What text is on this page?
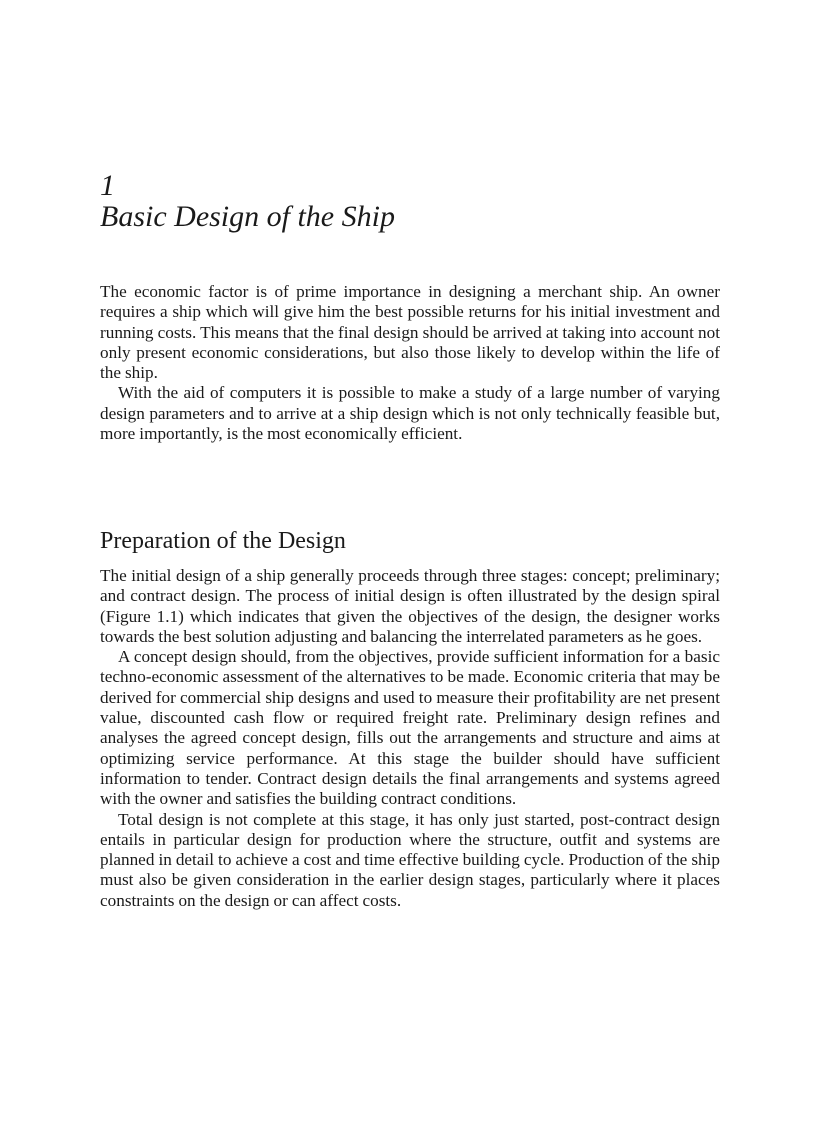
1
Basic Design of the Ship

The economic factor is of prime importance in designing a merchant ship. An owner requires a ship which will give him the best possible returns for his initial investment and running costs. This means that the final design should be arrived at taking into account not only present economic considerations, but also those likely to develop within the life of the ship.

With the aid of computers it is possible to make a study of a large number of varying design parameters and to arrive at a ship design which is not only technically feasible but, more importantly, is the most economically efficient.

Preparation of the Design

The initial design of a ship generally proceeds through three stages: concept; preliminary; and contract design. The process of initial design is often illustrated by the design spiral (Figure 1.1) which indicates that given the objectives of the design, the designer works towards the best solution adjusting and balancing the interrelated parameters as he goes.

A concept design should, from the objectives, provide sufficient information for a basic techno-economic assessment of the alternatives to be made. Economic criteria that may be derived for commercial ship designs and used to measure their profitability are net present value, discounted cash flow or required freight rate. Preliminary design refines and analyses the agreed concept design, fills out the arrangements and structure and aims at optimizing service performance. At this stage the builder should have sufficient information to tender. Contract design details the final arrangements and systems agreed with the owner and satisfies the building contract conditions.

Total design is not complete at this stage, it has only just started, post-contract design entails in particular design for production where the structure, outfit and systems are planned in detail to achieve a cost and time effective building cycle. Production of the ship must also be given consideration in the earlier design stages, particularly where it places constraints on the design or can affect costs.
